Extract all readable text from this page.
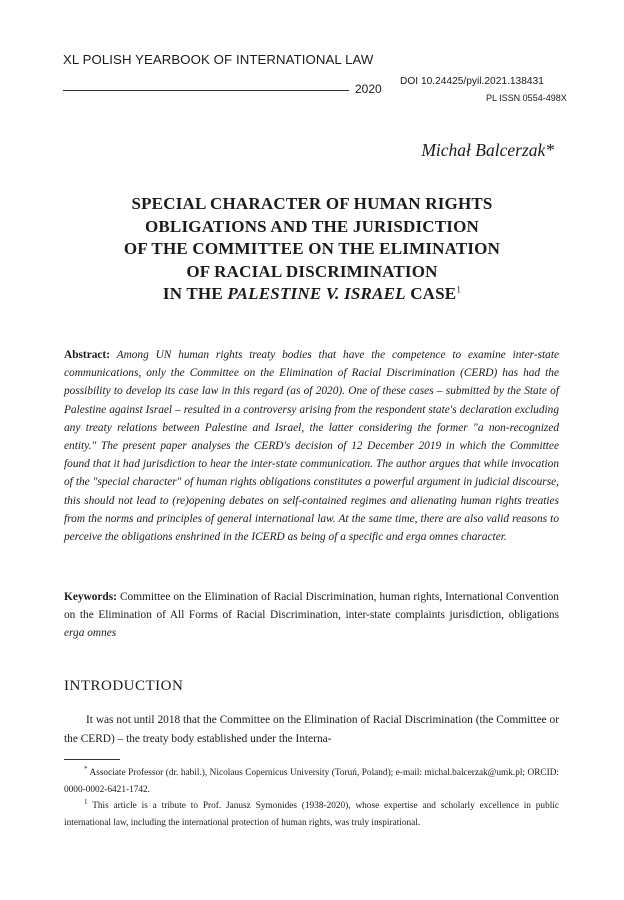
XL POLISH YEARBOOK OF INTERNATIONAL LAW
2020
DOI 10.24425/pyil.2021.138431
PL ISSN 0554-498X
Michał Balcerzak*
SPECIAL CHARACTER OF HUMAN RIGHTS
OBLIGATIONS AND THE JURISDICTION
OF THE COMMITTEE ON THE ELIMINATION
OF RACIAL DISCRIMINATION
IN THE PALESTINE V. ISRAEL CASE$^1$
Abstract: Among UN human rights treaty bodies that have the competence to examine inter-state communications, only the Committee on the Elimination of Racial Discrimination (CERD) has had the possibility to develop its case law in this regard (as of 2020). One of these cases – submitted by the State of Palestine against Israel – resulted in a controversy arising from the respondent state's declaration excluding any treaty relations between Palestine and Israel, the latter considering the former "a non-recognized entity." The present paper analyses the CERD's decision of 12 December 2019 in which the Committee found that it had jurisdiction to hear the inter-state communication. The author argues that while invocation of the "special character" of human rights obligations constitutes a powerful argument in judicial discourse, this should not lead to (re)opening debates on self-contained regimes and alienating human rights treaties from the norms and principles of general international law. At the same time, there are also valid reasons to perceive the obligations enshrined in the ICERD as being of a specific and erga omnes character.
Keywords: Committee on the Elimination of Racial Discrimination, human rights, International Convention on the Elimination of All Forms of Racial Discrimination, inter-state complaints jurisdiction, obligations erga omnes
INTRODUCTION
It was not until 2018 that the Committee on the Elimination of Racial Discrimination (the Committee or the CERD) – the treaty body established under the Interna-

* Associate Professor (dr. habil.), Nicolaus Copernicus University (Toruń, Poland); e-mail: michal.balcerzak@umk.pl; ORCID: 0000-0002-6421-1742.

$^1$ This article is a tribute to Prof. Janusz Symonides (1938-2020), whose expertise and scholarly excellence in public international law, including the international protection of human rights, was truly inspirational.
